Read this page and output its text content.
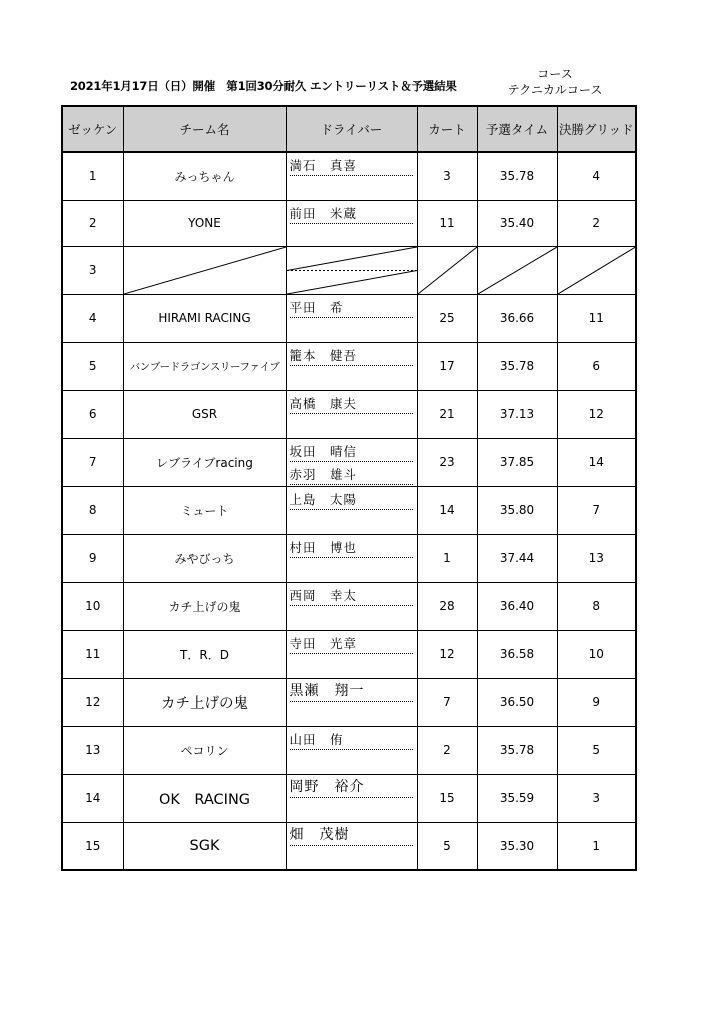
2021年1月17日（日）開催　第1回30分耐久 エントリーリスト＆予選結果
コース
テクニカルコース
ゼッケン	チーム名	ドライバー	カート	予選タイム	決勝グリッド
1	みっちゃん	満石　真喜	3	35.78	4
2	YONE	前田　米蔵	11	35.40	2
3	

4	HIRAMI RACING	平田　希	25	36.66	11
5	バンブードラゴンスリーファイブ	籠本　健吾	17	35.78	6
6	GSR	高橋　康夫	21	37.13	12
7	レブライブracing	坂田　晴信
赤羽　雄斗	23	37.85	14
8	ミュート	上島　太陽	14	35.80	7
9	みやびっち	村田　博也	1	37.44	13
10	カチ上げの鬼	西岡　幸太	28	36.40	8
11	T．R．D	寺田　光章	12	36.58	10
12	カチ上げの鬼	黒瀬　翔一	7	36.50	9
13	ペコリン	山田　侑	2	35.78	5
14	OK　RACING	岡野　裕介	15	35.59	3
15	SGK	畑　茂樹	5	35.30	1
